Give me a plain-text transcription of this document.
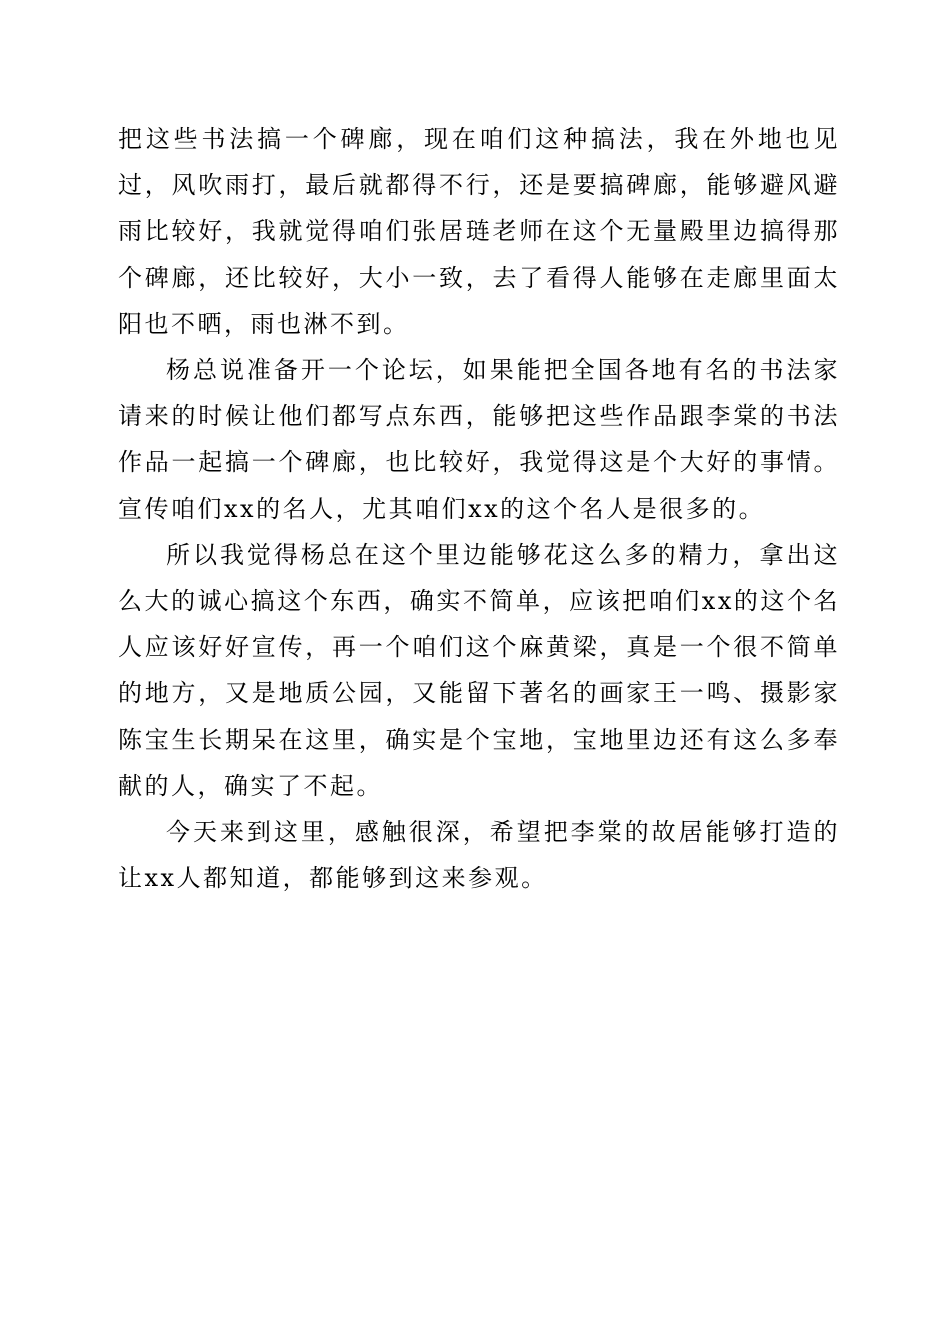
把这些书法搞一个碑廊，现在咱们这种搞法，我在外地也见过，风吹雨打，最后就都得不行，还是要搞碑廊，能够避风避雨比较好，我就觉得咱们张居琏老师在这个无量殿里边搞得那个碑廊，还比较好，大小一致，去了看得人能够在走廊里面太阳也不晒，雨也淋不到。

杨总说准备开一个论坛，如果能把全国各地有名的书法家请来的时候让他们都写点东西，能够把这些作品跟李棠的书法作品一起搞一个碑廊，也比较好，我觉得这是个大好的事情。宣传咱们xx的名人，尤其咱们xx的这个名人是很多的。

所以我觉得杨总在这个里边能够花这么多的精力，拿出这么大的诚心搞这个东西，确实不简单，应该把咱们xx的这个名人应该好好宣传，再一个咱们这个麻黄梁，真是一个很不简单的地方，又是地质公园，又能留下著名的画家王一鸣、摄影家陈宝生长期呆在这里，确实是个宝地，宝地里边还有这么多奉献的人，确实了不起。

今天来到这里，感触很深，希望把李棠的故居能够打造的让xx人都知道，都能够到这来参观。
